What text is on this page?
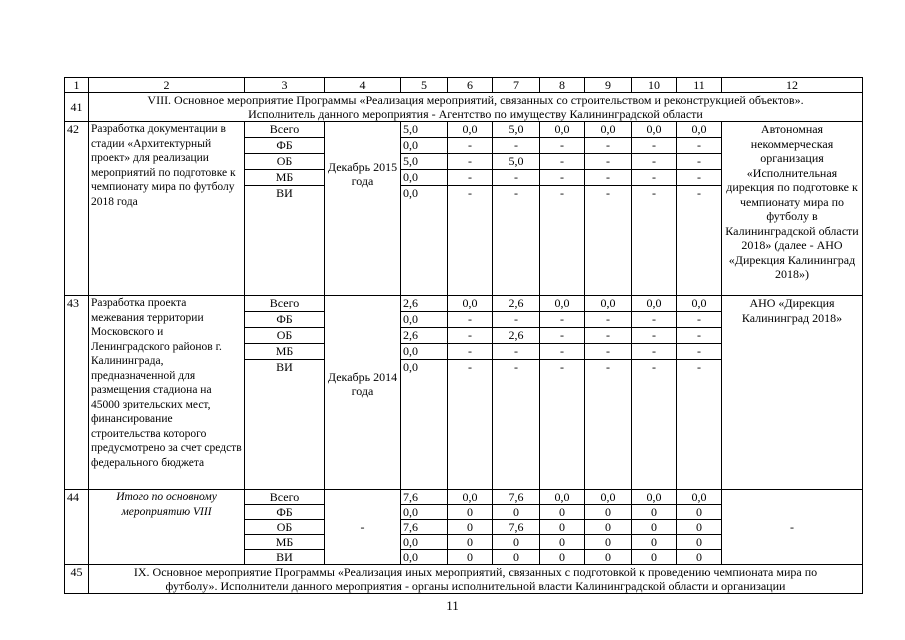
1	2	3	4	5	6	7	8	9	10	11	12
41	VIII. Основное мероприятие Программы «Реализация мероприятий, связанных со строительством и реконструкцией объектов».
Исполнитель данного мероприятия - Агентство по имуществу Калининградской области										

42	Разработка документации в стадии «Архитектурный проект» для реализации мероприятий по подготовке к чемпионату мира по футболу 2018 года	Всего	Декабрь 2015 года	5,0	0,0	5,0	0,0	0,0	0,0	0,0	Автономная некоммерческая организация «Исполнительная дирекция по подготовке к чемпионату мира по футболу в Калининградской области 2018» (далее - АНО «Дирекция Калининград 2018»)
		ФБ		0,0	-	-	-	-	-	-	
		ОБ		5,0	-	5,0	-	-	-	-	
		МБ		0,0	-	-	-	-	-	-	
		ВИ		0,0	-	-	-	-	-	-	
43	Разработка проекта межевания территории Московского и Ленинградского районов г. Калининграда, предназначенной для размещения стадиона на 45000 зрительских мест, финансирование строительства которого предусмотрено за счет средств федерального бюджета	Всего	Декабрь 2014 года	2,6	0,0	2,6	0,0	0,0	0,0	0,0	АНО «Дирекция Калининград 2018»
		ФБ		0,0	-	-	-	-	-	-	
		ОБ		2,6	-	2,6	-	-	-	-	
		МБ		0,0	-	-	-	-	-	-	
		ВИ		0,0	-	-	-	-	-	-	
44	Итого по основному мероприятию VIII	Всего	-	7,6	0,0	7,6	0,0	0,0	0,0	0,0	-
		ФБ		0,0	0	0	0	0	0	0	
		ОБ		7,6	0	7,6	0	0	0	0	
		МБ		0,0	0	0	0	0	0	0	
		ВИ		0,0	0	0	0	0	0	0	
45	IX. Основное мероприятие Программы «Реализация иных мероприятий, связанных с подготовкой к проведению чемпионата мира по
футболу». Исполнители данного мероприятия - органы исполнительной власти Калининградской области и организации										
11
